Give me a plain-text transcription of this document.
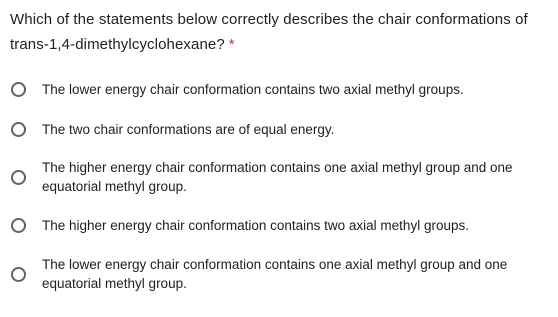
Which of the statements below correctly describes the chair conformations of trans-1,4-dimethylcyclohexane? *
The lower energy chair conformation contains two axial methyl groups.
The two chair conformations are of equal energy.
The higher energy chair conformation contains one axial methyl group and one equatorial methyl group.
The higher energy chair conformation contains two axial methyl groups.
The lower energy chair conformation contains one axial methyl group and one equatorial methyl group.
